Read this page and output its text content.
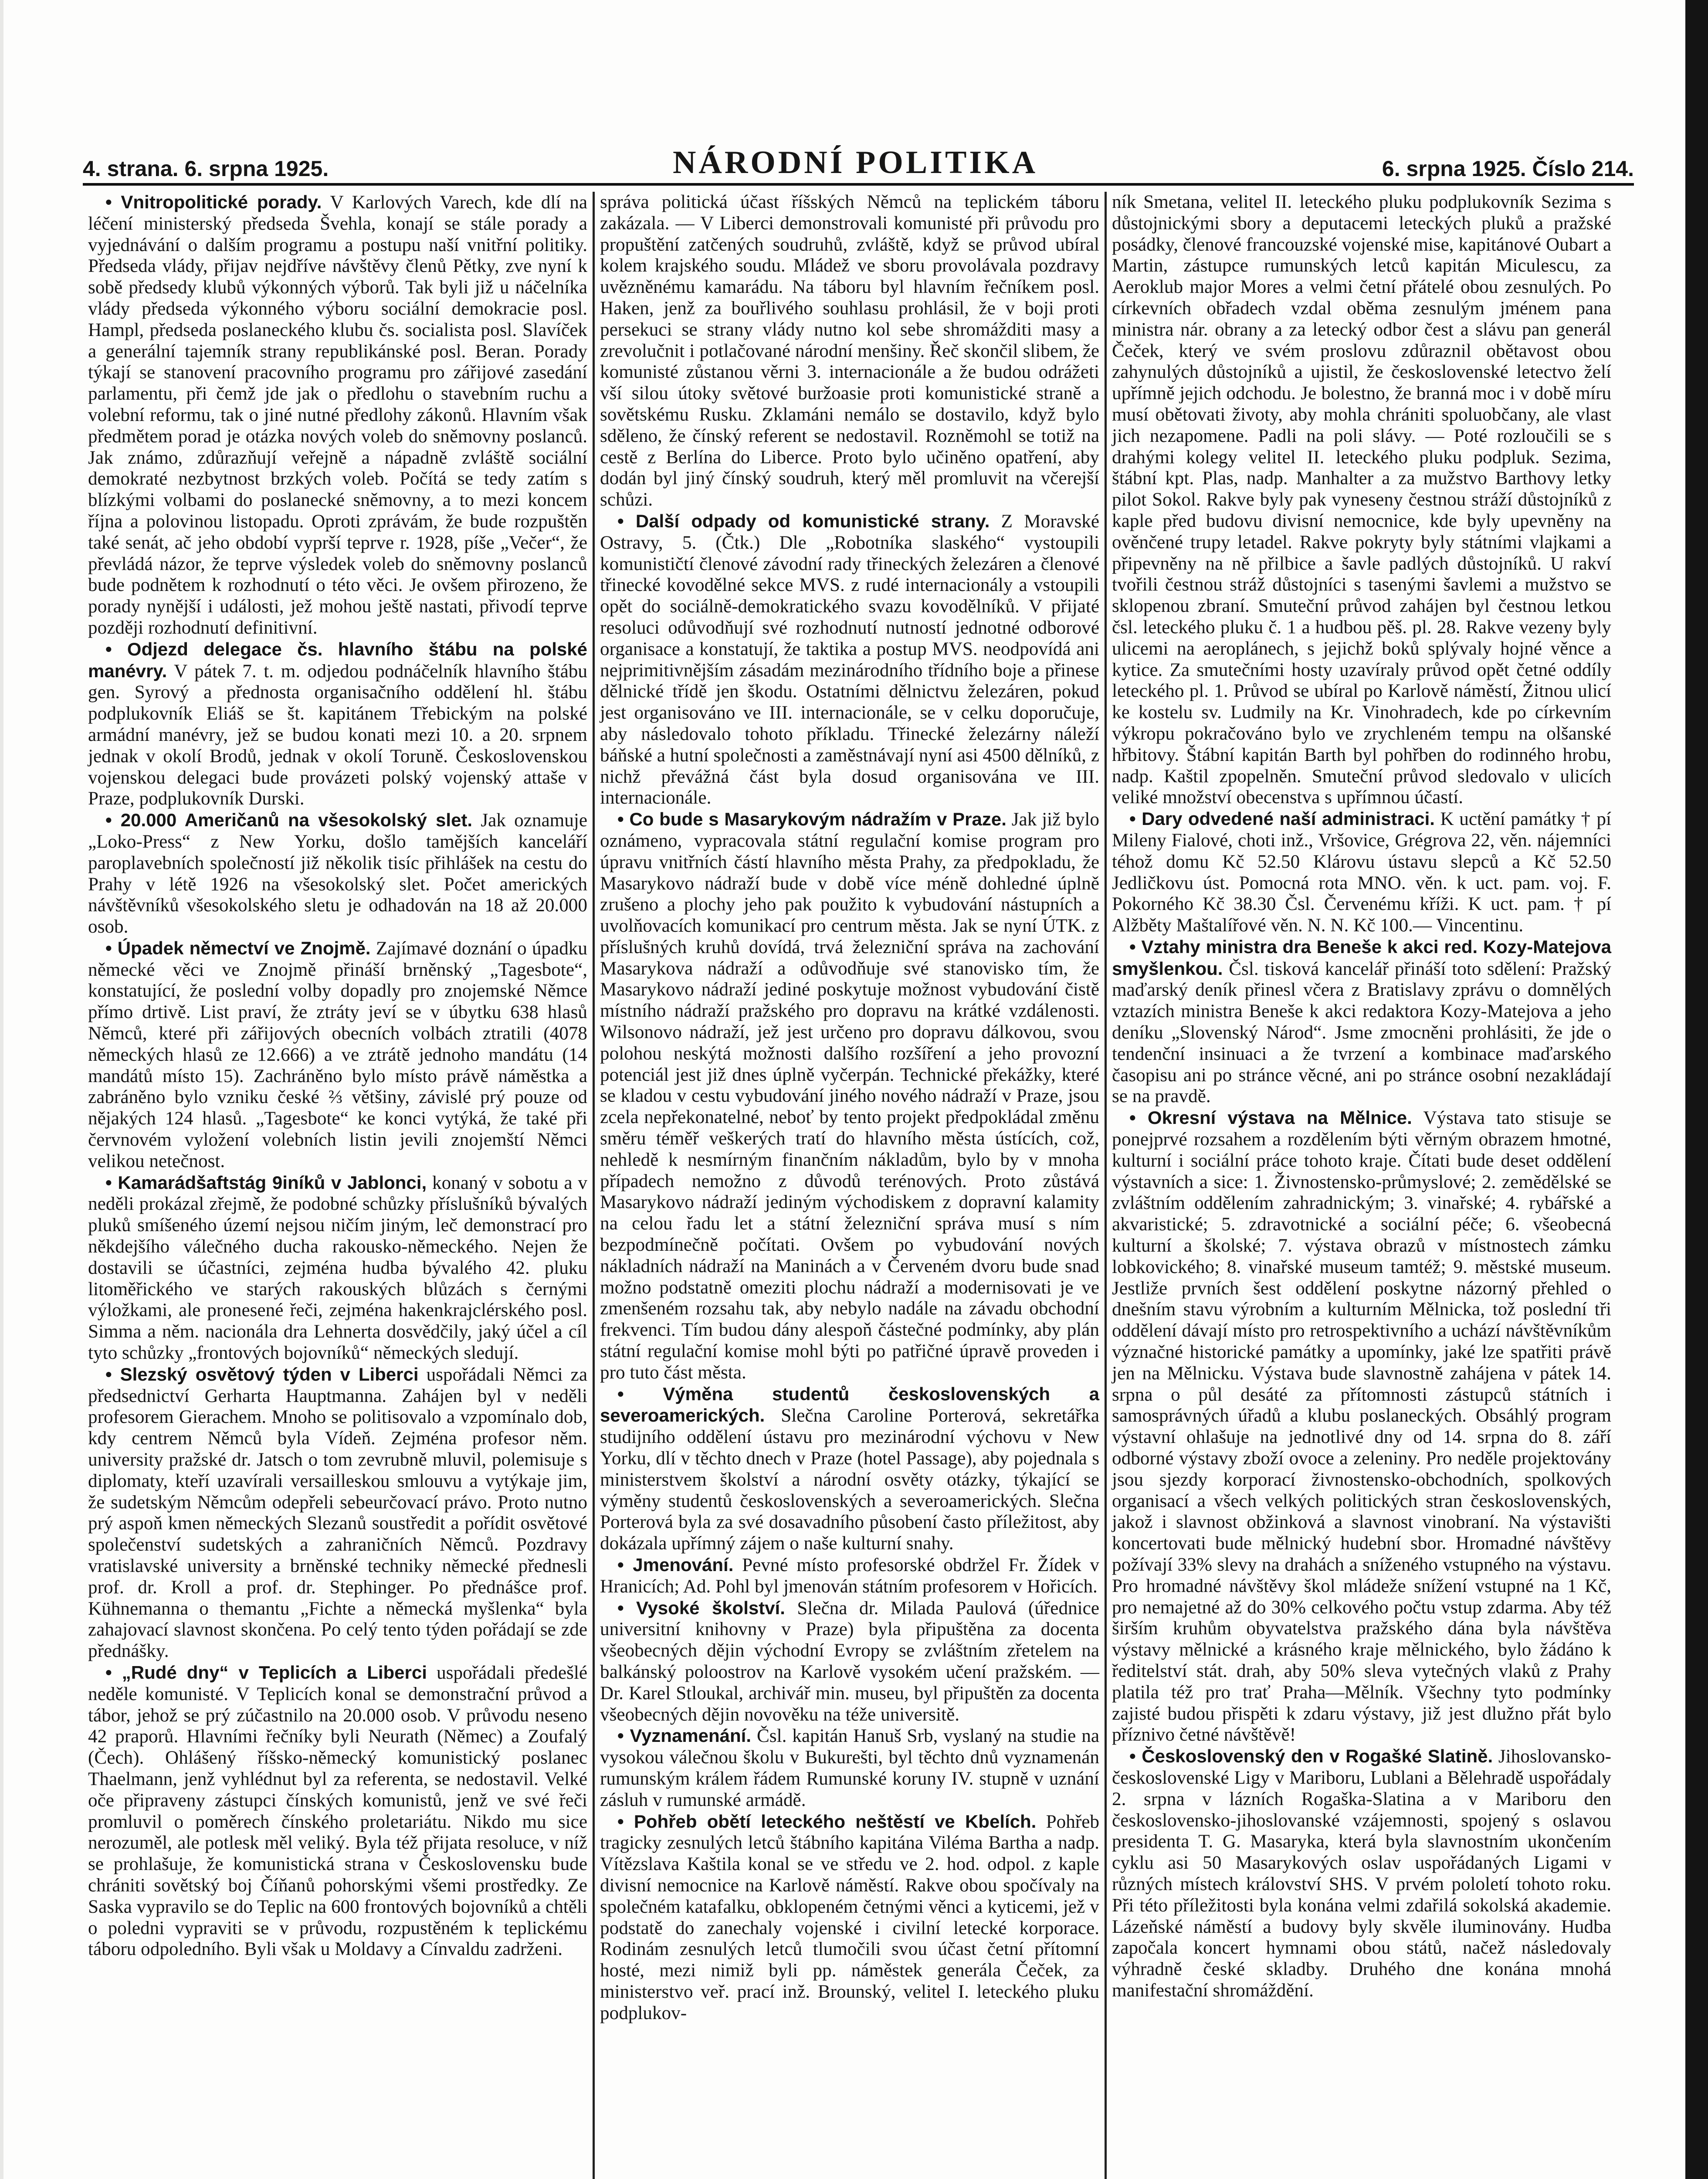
4. strana. 6. srpna 1925.	NÁRODNÍ POLITIKA	6. srpna 1925. Číslo 214.

• Vnitropolitické porady. V Karlových Varech, kde dlí na léčení ministerský předseda Švehla, konají se stále porady a vyjednávání o dalším programu a postupu naší vnitřní politiky. Předseda vlády, přijav nejdříve návštěvy členů Pětky, zve nyní k sobě předsedy klubů výkonných výborů. Tak byli již u náčelníka vlády předseda výkonného výboru sociální demokracie posl. Hampl, předseda poslaneckého klubu čs. socialista posl. Slavíček a generální tajemník strany republikánské posl. Beran. Porady týkají se stanovení pracovního programu pro zářijové zasedání parlamentu, při čemž jde jak o předlohu o stavebním ruchu a volební reformu, tak o jiné nutné předlohy zákonů. Hlavním však předmětem porad je otázka nových voleb do sněmovny poslanců. Jak známo, zdůrazňují veřejně a nápadně zvláště sociální demokraté nezbytnost brzkých voleb. Počítá se tedy zatím s blízkými volbami do poslanecké sněmovny, a to mezi koncem října a polovinou listopadu. Oproti zprávám, že bude rozpuštěn také senát, ač jeho období vyprší teprve r. 1928, píše „Večer“, že převládá názor, že teprve výsledek voleb do sněmovny poslanců bude podnětem k rozhodnutí o této věci. Je ovšem přirozeno, že porady nynější i události, jež mohou ještě nastati, přivodí teprve později rozhodnutí definitivní.

• Odjezd delegace čs. hlavního štábu na polské manévry. V pátek 7. t. m. odjedou podnáčelník hlavního štábu gen. Syrový a přednosta organisačního oddělení hl. štábu podplukovník Eliáš se št. kapitánem Třebickým na polské armádní manévry, jež se budou konati mezi 10. a 20. srpnem jednak v okolí Brodů, jednak v okolí Toruně. Československou vojenskou delegaci bude provázeti polský vojenský attaše v Praze, podplukovník Durski.

• 20.000 Američanů na všesokolský slet. Jak oznamuje „Loko-Press“ z New Yorku, došlo tamějších kanceláří paroplavebních společností již několik tisíc přihlášek na cestu do Prahy v létě 1926 na všesokolský slet. Počet amerických návštěvníků všesokolského sletu je odhadován na 18 až 20.000 osob.

• Úpadek němectví ve Znojmě. Zajímavé doznání o úpadku německé věci ve Znojmě přináší brněnský „Tagesbote“, konstatující, že poslední volby dopadly pro znojemské Němce přímo drtivě. List praví, že ztráty jeví se v úbytku 638 hlasů Němců, které při zářijových obecních volbách ztratili (4078 německých hlasů ze 12.666) a ve ztrátě jednoho mandátu (14 mandátů místo 15). Zachráněno bylo místo právě náměstka a zabráněno bylo vzniku české ⅔ většiny, závislé prý pouze od nějakých 124 hlasů. „Tagesbote“ ke konci vytýká, že také při červnovém vyložení volebních listin jevili znojemští Němci velikou netečnost.

• Kamarádšaftstág 9iníků v Jablonci, konaný v sobotu a v neděli prokázal zřejmě, že podobné schůzky příslušníků bývalých pluků smíšeného území nejsou ničím jiným, leč demonstrací pro někdejšího válečného ducha rakousko-německého. Nejen že dostavili se účastníci, zejména hudba bývalého 42. pluku litoměřického ve starých rakouských blůzách s černými výložkami, ale pronesené řeči, zejména hakenkrajclérského posl. Simma a něm. nacionála dra Lehnerta dosvědčily, jaký účel a cíl tyto schůzky „frontových bojovníků“ německých sledují.

• Slezský osvětový týden v Liberci uspořádali Němci za předsednictví Gerharta Hauptmanna. Zahájen byl v neděli profesorem Gierachem. Mnoho se politisovalo a vzpomínalo dob, kdy centrem Němců byla Vídeň. Zejména profesor něm. university pražské dr. Jatsch o tom zevrubně mluvil, polemisuje s diplomaty, kteří uzavírali versailleskou smlouvu a vytýkaje jim, že sudetským Němcům odepřeli sebeurčovací právo. Proto nutno prý aspoň kmen německých Slezanů soustředit a pořídit osvětové společenství sudetských a zahraničních Němců. Pozdravy vratislavské university a brněnské techniky německé přednesli prof. dr. Kroll a prof. dr. Stephinger. Po přednášce prof. Kühnemanna o themantu „Fichte a německá myšlenka“ byla zahajovací slavnost skončena. Po celý tento týden pořádají se zde přednášky.

• „Rudé dny“ v Teplicích a Liberci uspořádali předešlé neděle komunisté. V Teplicích konal se demonstrační průvod a tábor, jehož se prý zúčastnilo na 20.000 osob. V průvodu neseno 42 praporů. Hlavními řečníky byli Neurath (Němec) a Zoufalý (Čech). Ohlášený říšsko-německý komunistický poslanec Thaelmann, jenž vyhlédnut byl za referenta, se nedostavil. Velké oče připraveny zástupci čínských komunistů, jenž ve své řeči promluvil o poměrech čínského proletariátu. Nikdo mu sice nerozuměl, ale potlesk měl veliký. Byla též přijata resoluce, v níž se prohlašuje, že komunistická strana v Československu bude chrániti sovětský boj Číňanů pohorskými všemi prostředky. Ze Saska vypravilo se do Teplic na 600 frontových bojovníků a chtěli o poledni vypraviti se v průvodu, rozpustěném k teplickému táboru odpoledního. Byli však u Moldavy a Cínvaldu zadrženi.

správa politická účast říšských Němců na teplickém táboru zakázala. — V Liberci demonstrovali komunisté při průvodu pro propuštění zatčených soudruhů, zvláště, když se průvod ubíral kolem krajského soudu. Mládež ve sboru provolávala pozdravy uvězněnému kamarádu. Na táboru byl hlavním řečníkem posl. Haken, jenž za bouřlivého souhlasu prohlásil, že v boji proti persekuci se strany vlády nutno kol sebe shromážditi masy a zrevolučnit i potlačované národní menšiny. Řeč skončil slibem, že komunisté zůstanou věrni 3. internacionále a že budou odrážeti vší silou útoky světové buržoasie proti komunistické straně a sovětskému Rusku. Zklamáni nemálo se dostavilo, když bylo sděleno, že čínský referent se nedostavil. Rozněmohl se totiž na cestě z Berlína do Liberce. Proto bylo učiněno opatření, aby dodán byl jiný čínský soudruh, který měl promluvit na včerejší schůzi.

• Další odpady od komunistické strany. Z Moravské Ostravy, 5. (Čtk.) Dle „Robotníka slaského“ vystoupili komunističtí členové závodní rady třineckých železáren a členové třinecké kovodělné sekce MVS. z rudé internacionály a vstoupili opět do sociálně-demokratického svazu kovodělníků. V přijaté resoluci odůvodňují své rozhodnutí nutností jednotné odborové organisace a konstatují, že taktika a postup MVS. neodpovídá ani nejprimitivnějším zásadám mezinárodního třídního boje a přinese dělnické třídě jen škodu. Ostatními dělnictvu železáren, pokud jest organisováno ve III. internacionále, se v celku doporučuje, aby následovalo tohoto příkladu. Třinecké železárny náleží báňské a hutní společnosti a zaměstnávají nyní asi 4500 dělníků, z nichž převážná část byla dosud organisována ve III. internacionále.

• Co bude s Masarykovým nádražím v Praze. Jak již bylo oznámeno, vypracovala státní regulační komise program pro úpravu vnitřních částí hlavního města Prahy, za předpokladu, že Masarykovo nádraží bude v době více méně dohledné úplně zrušeno a plochy jeho pak použito k vybudování nástupních a uvolňovacích komunikací pro centrum města. Jak se nyní ÚTK. z příslušných kruhů dovídá, trvá železniční správa na zachování Masarykova nádraží a odůvodňuje své stanovisko tím, že Masarykovo nádraží jediné poskytuje možnost vybudování čistě místního nádraží pražského pro dopravu na krátké vzdálenosti. Wilsonovo nádraží, jež jest určeno pro dopravu dálkovou, svou polohou neskýtá možnosti dalšího rozšíření a jeho provozní potenciál jest již dnes úplně vyčerpán. Technické překážky, které se kladou v cestu vybudování jiného nového nádraží v Praze, jsou zcela nepřekonatelné, neboť by tento projekt předpokládal změnu směru téměř veškerých tratí do hlavního města ústících, což, nehledě k nesmírným finančním nákladům, bylo by v mnoha případech nemožno z důvodů terénových. Proto zůstává Masarykovo nádraží jediným východiskem z dopravní kalamity na celou řadu let a státní železniční správa musí s ním bezpodmínečně počítati. Ovšem po vybudování nových nákladních nádraží na Maninách a v Červeném dvoru bude snad možno podstatně omeziti plochu nádraží a modernisovati je ve zmenšeném rozsahu tak, aby nebylo nadále na závadu obchodní frekvenci. Tím budou dány alespoň částečné podmínky, aby plán státní regulační komise mohl býti po patřičné úpravě proveden i pro tuto část města.

• Výměna studentů československých a severoamerických. Slečna Caroline Porterová, sekretářka studijního oddělení ústavu pro mezinárodní výchovu v New Yorku, dlí v těchto dnech v Praze (hotel Passage), aby pojednala s ministerstvem školství a národní osvěty otázky, týkající se výměny studentů československých a severoamerických. Slečna Porterová byla za své dosavadního působení často příležitost, aby dokázala upřímný zájem o naše kulturní snahy.

• Jmenování. Pevné místo profesorské obdržel Fr. Žídek v Hranicích; Ad. Pohl byl jmenován státním profesorem v Hořicích.

• Vysoké školství. Slečna dr. Milada Paulová (úřednice universitní knihovny v Praze) byla připuštěna za docenta všeobecných dějin východní Evropy se zvláštním zřetelem na balkánský poloostrov na Karlově vysokém učení pražském. — Dr. Karel Stloukal, archivář min. museu, byl připuštěn za docenta všeobecných dějin novověku na téže universitě.

• Vyznamenání. Čsl. kapitán Hanuš Srb, vyslaný na studie na vysokou válečnou školu v Bukurešti, byl těchto dnů vyznamenán rumunským králem řádem Rumunské koruny IV. stupně v uznání zásluh v rumunské armádě.

• Pohřeb obětí leteckého neštěstí ve Kbelích. Pohřeb tragicky zesnulých letců štábního kapitána Viléma Bartha a nadp. Vítězslava Kaštila konal se ve středu ve 2. hod. odpol. z kaple divisní nemocnice na Karlově náměstí. Rakve obou spočívaly na společném katafalku, obklopeném četnými věnci a kyticemi, jež v podstatě do zanechaly vojenské i civilní letecké korporace. Rodinám zesnulých letců tlumočili svou účast četní přítomní hosté, mezi nimiž byli pp. náměstek generála Čeček, za ministerstvo veř. prací inž. Brounský, velitel I. leteckého pluku podplukov-

ník Smetana, velitel II. leteckého pluku podplukovník Sezima s důstojnickými sbory a deputacemi leteckých pluků a pražské posádky, členové francouzské vojenské mise, kapitánové Oubart a Martin, zástupce rumunských letců kapitán Miculescu, za Aeroklub major Mores a velmi četní přátelé obou zesnulých. Po církevních obřadech vzdal oběma zesnulým jménem pana ministra nár. obrany a za letecký odbor čest a slávu pan generál Čeček, který ve svém proslovu zdůraznil obětavost obou zahynulých důstojníků a ujistil, že československé letectvo želí upřímně jejich odchodu. Je bolestno, že branná moc i v době míru musí obětovati životy, aby mohla chrániti spoluobčany, ale vlast jich nezapomene. Padli na poli slávy. — Poté rozloučili se s drahými kolegy velitel II. leteckého pluku podpluk. Sezima, štábní kpt. Plas, nadp. Manhalter a za mužstvo Barthovy letky pilot Sokol. Rakve byly pak vyneseny čestnou stráží důstojníků z kaple před budovu divisní nemocnice, kde byly upevněny na ověnčené trupy letadel. Rakve pokryty byly státními vlajkami a připevněny na ně přilbice a šavle padlých důstojníků. U rakví tvořili čestnou stráž důstojníci s tasenými šavlemi a mužstvo se sklopenou zbraní. Smuteční průvod zahájen byl čestnou letkou čsl. leteckého pluku č. 1 a hudbou pěš. pl. 28. Rakve vezeny byly ulicemi na aeroplánech, s jejichž boků splývaly hojné věnce a kytice. Za smutečními hosty uzavíraly průvod opět četné oddíly leteckého pl. 1. Průvod se ubíral po Karlově náměstí, Žitnou ulicí ke kostelu sv. Ludmily na Kr. Vinohradech, kde po církevním výkropu pokračováno bylo ve zrychleném tempu na olšanské hřbitovy. Štábní kapitán Barth byl pohřben do rodinného hrobu, nadp. Kaštil zpopelněn. Smuteční průvod sledovalo v ulicích veliké množství obecenstva s upřímnou účastí.

• Dary odvedené naší administraci. K uctění památky † pí Mileny Fialové, choti inž., Vršovice, Grégrova 22, věn. nájemníci téhož domu Kč 52.50 Klárovu ústavu slepců a Kč 52.50 Jedličkovu úst. Pomocná rota MNO. věn. k uct. pam. voj. F. Pokorného Kč 38.30 Čsl. Červenému kříži. K uct. pam. † pí Alžběty Maštalířové věn. N. N. Kč 100.— Vincentinu.

• Vztahy ministra dra Beneše k akci red. Kozy-Matejova smyšlenkou. Čsl. tisková kancelář přináší toto sdělení: Pražský maďarský deník přinesl včera z Bratislavy zprávu o domnělých vztazích ministra Beneše k akci redaktora Kozy-Matejova a jeho deníku „Slovenský Národ“. Jsme zmocněni prohlásiti, že jde o tendenční insinuaci a že tvrzení a kombinace maďarského časopisu ani po stránce věcné, ani po stránce osobní nezakládají se na pravdě.

• Okresní výstava na Mělnice. Výstava tato stisuje se ponejprvé rozsahem a rozdělením býti věrným obrazem hmotné, kulturní i sociální práce tohoto kraje. Čítati bude deset oddělení výstavních a sice: 1. Živnostensko-průmyslové; 2. zemědělské se zvláštním oddělením zahradnickým; 3. vinařské; 4. rybářské a akvaristické; 5. zdravotnické a sociální péče; 6. všeobecná kulturní a školské; 7. výstava obrazů v místnostech zámku lobkovického; 8. vinařské museum tamtéž; 9. městské museum. Jestliže prvních šest oddělení poskytne názorný přehled o dnešním stavu výrobním a kulturním Mělnicka, tož poslední tři oddělení dávají místo pro retrospektivního a uchází návštěvníkům význačné historické památky a upomínky, jaké lze spatřiti právě jen na Mělnicku. Výstava bude slavnostně zahájena v pátek 14. srpna o půl desáté za přítomnosti zástupců státních i samosprávných úřadů a klubu poslaneckých. Obsáhlý program výstavní ohlašuje na jednotlivé dny od 14. srpna do 8. září odborné výstavy zboží ovoce a zeleniny. Pro neděle projektovány jsou sjezdy korporací živnostensko-obchodních, spolkových organisací a všech velkých politických stran československých, jakož i slavnost obžinková a slavnost vinobraní. Na výstavišti koncertovati bude mělnický hudební sbor. Hromadné návštěvy požívají 33% slevy na drahách a sníženého vstupného na výstavu. Pro hromadné návštěvy škol mládeže snížení vstupné na 1 Kč, pro nemajetné až do 30% celkového počtu vstup zdarma. Aby též širším kruhům obyvatelstva pražského dána byla návštěva výstavy mělnické a krásného kraje mělnického, bylo žádáno k ředitelství stát. drah, aby 50% sleva vytečných vlaků z Prahy platila též pro trať Praha—Mělník. Všechny tyto podmínky zajisté budou přispěti k zdaru výstavy, již jest dlužno přát bylo příznivo četné návštěvě!

• Československý den v Rogašké Slatině. Jihoslovansko-československé Ligy v Mariboru, Lublani a Bělehradě uspořádaly 2. srpna v lázních Rogaška-Slatina a v Mariboru den československo-jihoslovanské vzájemnosti, spojený s oslavou presidenta T. G. Masaryka, která byla slavnostním ukončením cyklu asi 50 Masarykových oslav uspořádaných Ligami v různých místech království SHS. V prvém pololetí tohoto roku. Při této příležitosti byla konána velmi zdařilá sokolská akademie. Lázeňské náměstí a budovy byly skvěle iluminovány. Hudba započala koncert hymnami obou států, načež následovaly výhradně české skladby. Druhého dne konána mnohá manifestační shromáždění.
